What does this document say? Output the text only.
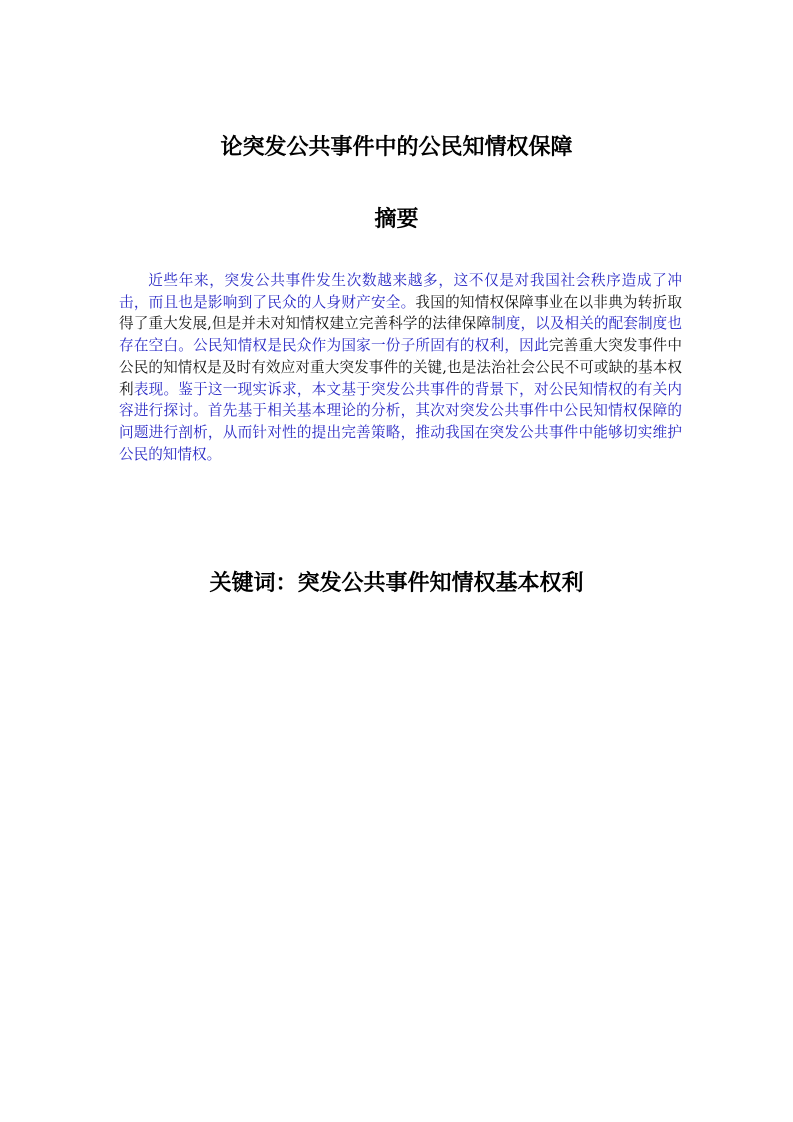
论突发公共事件中的公民知情权保障
摘要
近些年来，突发公共事件发生次数越来越多，这不仅是对我国社会秩序造成了冲击，而且也是影响到了民众的人身财产安全。我国的知情权保障事业在以非典为转折取得了重大发展,但是并未对知情权建立完善科学的法律保障制度，以及相关的配套制度也存在空白。公民知情权是民众作为国家一份子所固有的权利，因此完善重大突发事件中公民的知情权是及时有效应对重大突发事件的关键,也是法治社会公民不可或缺的基本权利表现。鉴于这一现实诉求，本文基于突发公共事件的背景下，对公民知情权的有关内容进行探讨。首先基于相关基本理论的分析，其次对突发公共事件中公民知情权保障的问题进行剖析，从而针对性的提出完善策略，推动我国在突发公共事件中能够切实维护公民的知情权。
关键词：突发公共事件知情权基本权利
